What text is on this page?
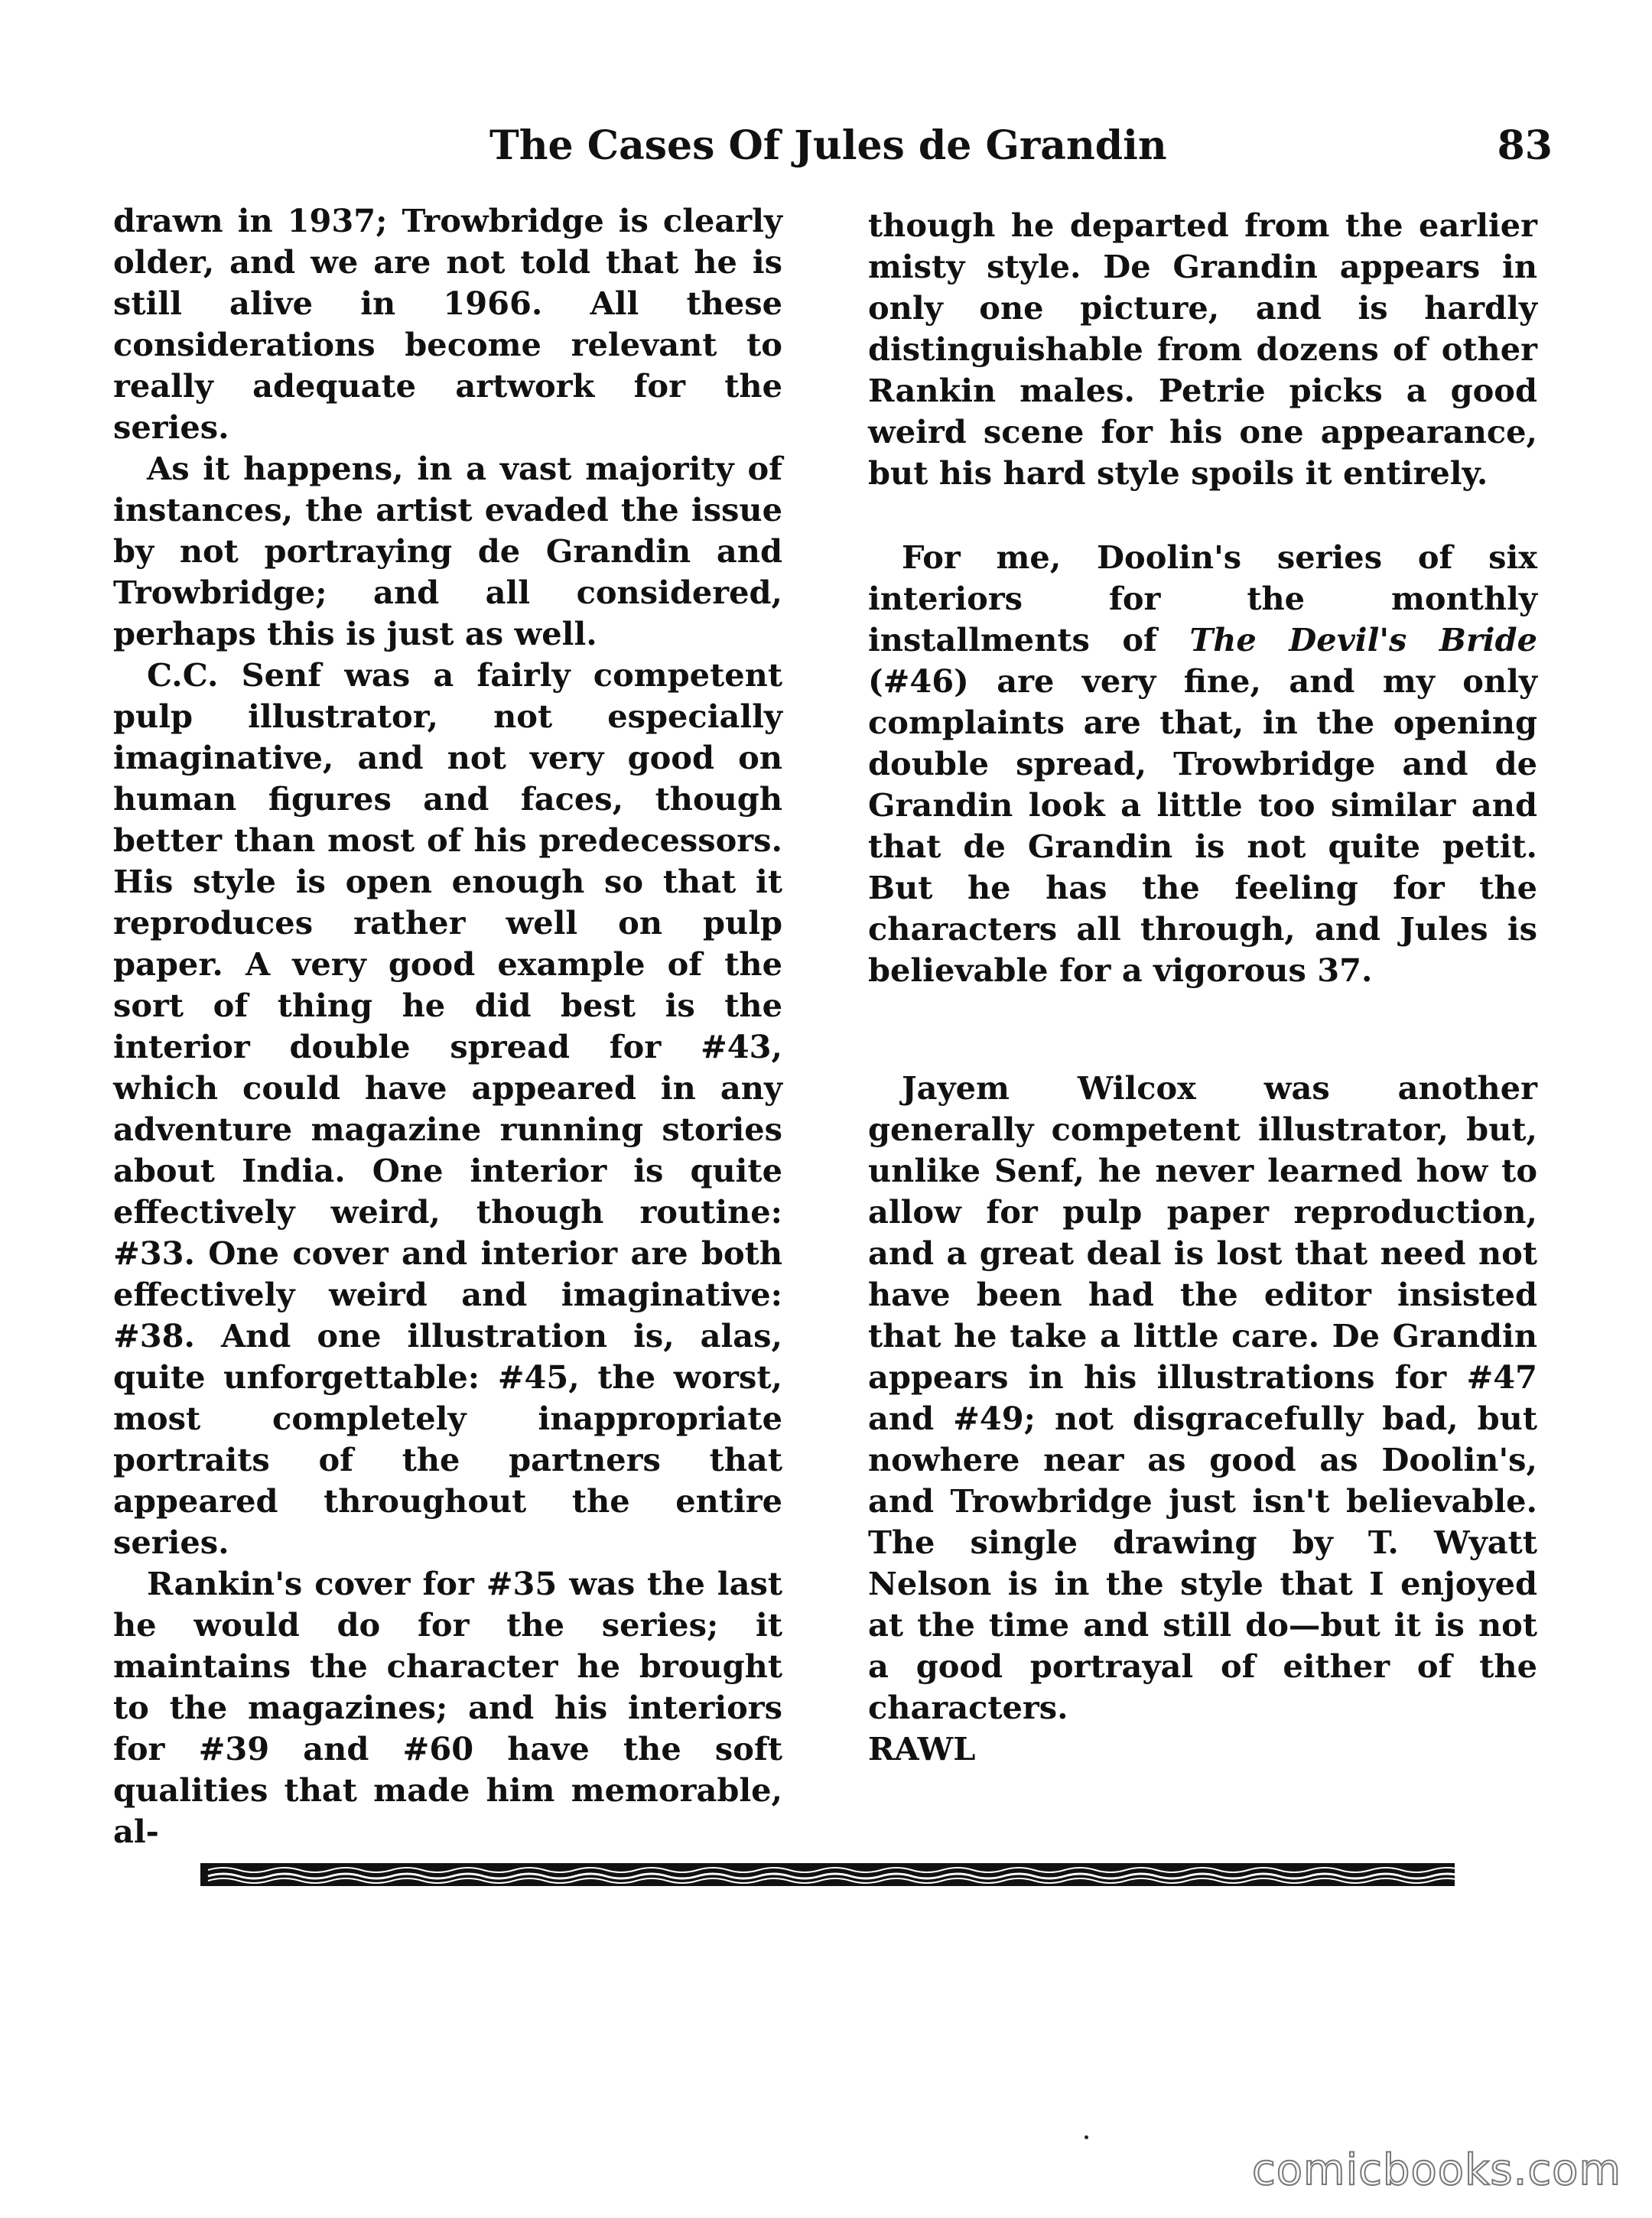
The Cases Of Jules de Grandin	83

drawn in 1937; Trowbridge is clearly older, and we are not told that he is still alive in 1966. All these considerations become relevant to really adequate artwork for the series.

As it happens, in a vast majority of instances, the artist evaded the issue by not portraying de Grandin and Trowbridge; and all considered, perhaps this is just as well.

C.C. Senf was a fairly competent pulp illustrator, not especially imaginative, and not very good on human figures and faces, though better than most of his predecessors. His style is open enough so that it reproduces rather well on pulp paper. A very good example of the sort of thing he did best is the interior double spread for #43, which could have appeared in any adventure magazine running stories about India. One interior is quite effectively weird, though routine: #33. One cover and interior are both effectively weird and imaginative: #38. And one illustration is, alas, quite unforgettable: #45, the worst, most completely inappropriate portraits of the partners that appeared throughout the entire series.

Rankin's cover for #35 was the last he would do for the series; it maintains the character he brought to the magazines; and his interiors for #39 and #60 have the soft qualities that made him memorable, al-

though he departed from the earlier misty style. De Grandin appears in only one picture, and is hardly distinguishable from dozens of other Rankin males. Petrie picks a good weird scene for his one appearance, but his hard style spoils it entirely.

For me, Doolin's series of six interiors for the monthly installments of The Devil's Bride (#46) are very fine, and my only complaints are that, in the opening double spread, Trowbridge and de Grandin look a little too similar and that de Grandin is not quite petit. But he has the feeling for the characters all through, and Jules is believable for a vigorous 37.

Jayem Wilcox was another generally competent illustrator, but, unlike Senf, he never learned how to allow for pulp paper reproduction, and a great deal is lost that need not have been had the editor insisted that he take a little care. De Grandin appears in his illustrations for #47 and #49; not disgracefully bad, but nowhere near as good as Doolin's, and Trowbridge just isn't believable. The single drawing by T. Wyatt Nelson is in the style that I enjoyed at the time and still do—but it is not a good portrayal of either of the characters.

RAWL

comicbooks.com
